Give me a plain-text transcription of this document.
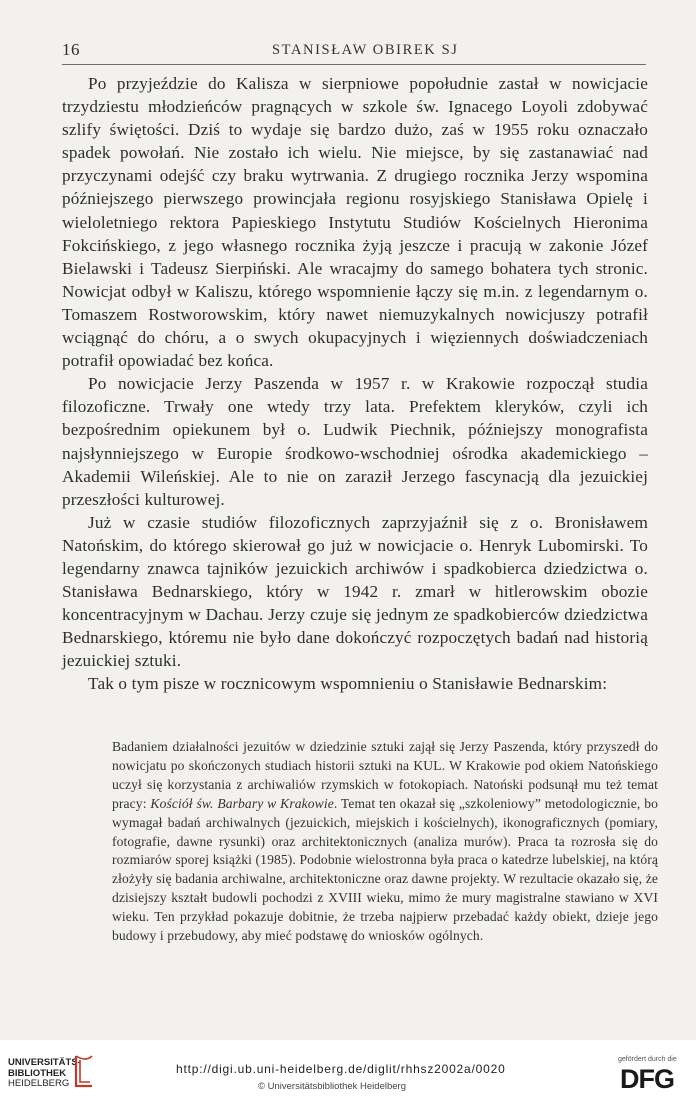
16	STANISŁAW OBIREK SJ

Po przyjeździe do Kalisza w sierpniowe popołudnie zastał w nowicjacie trzydziestu młodzieńców pragnących w szkole św. Ignacego Loyoli zdobywać szlify świętości. Dziś to wydaje się bardzo dużo, zaś w 1955 roku oznaczało spadek powołań. Nie zostało ich wielu. Nie miejsce, by się zastanawiać nad przyczynami odejść czy braku wytrwania. Z drugiego rocznika Jerzy wspomina późniejszego pierwszego prowincjała regionu rosyjskiego Stanisława Opielę i wieloletniego rektora Papieskiego Instytutu Studiów Kościelnych Hieronima Fokcińskiego, z jego własnego rocznika żyją jeszcze i pracują w zakonie Józef Bielawski i Tadeusz Sierpiński. Ale wracajmy do samego bohatera tych stronic. Nowicjat odbył w Kaliszu, którego wspomnienie łączy się m.in. z legendarnym o. Tomaszem Rostworowskim, który nawet niemuzykalnych nowicjuszy potrafił wciągnąć do chóru, a o swych okupacyjnych i więziennych doświadczeniach potrafił opowiadać bez końca.

Po nowicjacie Jerzy Paszenda w 1957 r. w Krakowie rozpoczął studia filozoficzne. Trwały one wtedy trzy lata. Prefektem kleryków, czyli ich bezpośrednim opiekunem był o. Ludwik Piechnik, późniejszy monografista najsłynniejszego w Europie środkowo-wschodniej ośrodka akademickiego – Akademii Wileńskiej. Ale to nie on zaraził Jerzego fascynacją dla jezuickiej przeszłości kulturowej.

Już w czasie studiów filozoficznych zaprzyjaźnił się z o. Bronisławem Natońskim, do którego skierował go już w nowicjacie o. Henryk Lubomirski. To legendarny znawca tajników jezuickich archiwów i spadkobierca dziedzictwa o. Stanisława Bednarskiego, który w 1942 r. zmarł w hitlerowskim obozie koncentracyjnym w Dachau. Jerzy czuje się jednym ze spadkobierców dziedzictwa Bednarskiego, któremu nie było dane dokończyć rozpoczętych badań nad historią jezuickiej sztuki.

Tak o tym pisze w rocznicowym wspomnieniu o Stanisławie Bednarskim:

Badaniem działalności jezuitów w dziedzinie sztuki zajął się Jerzy Paszenda, który przyszedł do nowicjatu po skończonych studiach historii sztuki na KUL. W Krakowie pod okiem Natońskiego uczył się korzystania z archiwaliów rzymskich w fotokopiach. Natoński podsunął mu też temat pracy: Kościół św. Barbary w Krakowie. Temat ten okazał się „szkoleniowy” metodologicznie, bo wymagał badań archiwalnych (jezuickich, miejskich i kościelnych), ikonograficznych (pomiary, fotografie, dawne rysunki) oraz architektonicznych (analiza murów). Praca ta rozrosła się do rozmiarów sporej książki (1985). Podobnie wielostronna była praca o katedrze lubelskiej, na którą złożyły się badania archiwalne, architektoniczne oraz dawne projekty. W rezultacie okazało się, że dzisiejszy kształt budowli pochodzi z XVIII wieku, mimo że mury magistralne stawiano w XVI wieku. Ten przykład pokazuje dobitnie, że trzeba najpierw przebadać każdy obiekt, dzieje jego budowy i przebudowy, aby mieć podstawę do wniosków ogólnych.

UNIVERSITÄTS-
BIBLIOTHEK
HEIDELBERG
http://digi.ub.uni-heidelberg.de/diglit/rhhsz2002a/0020
© Universitätsbibliothek Heidelberg
gefördert durch die
DFG
